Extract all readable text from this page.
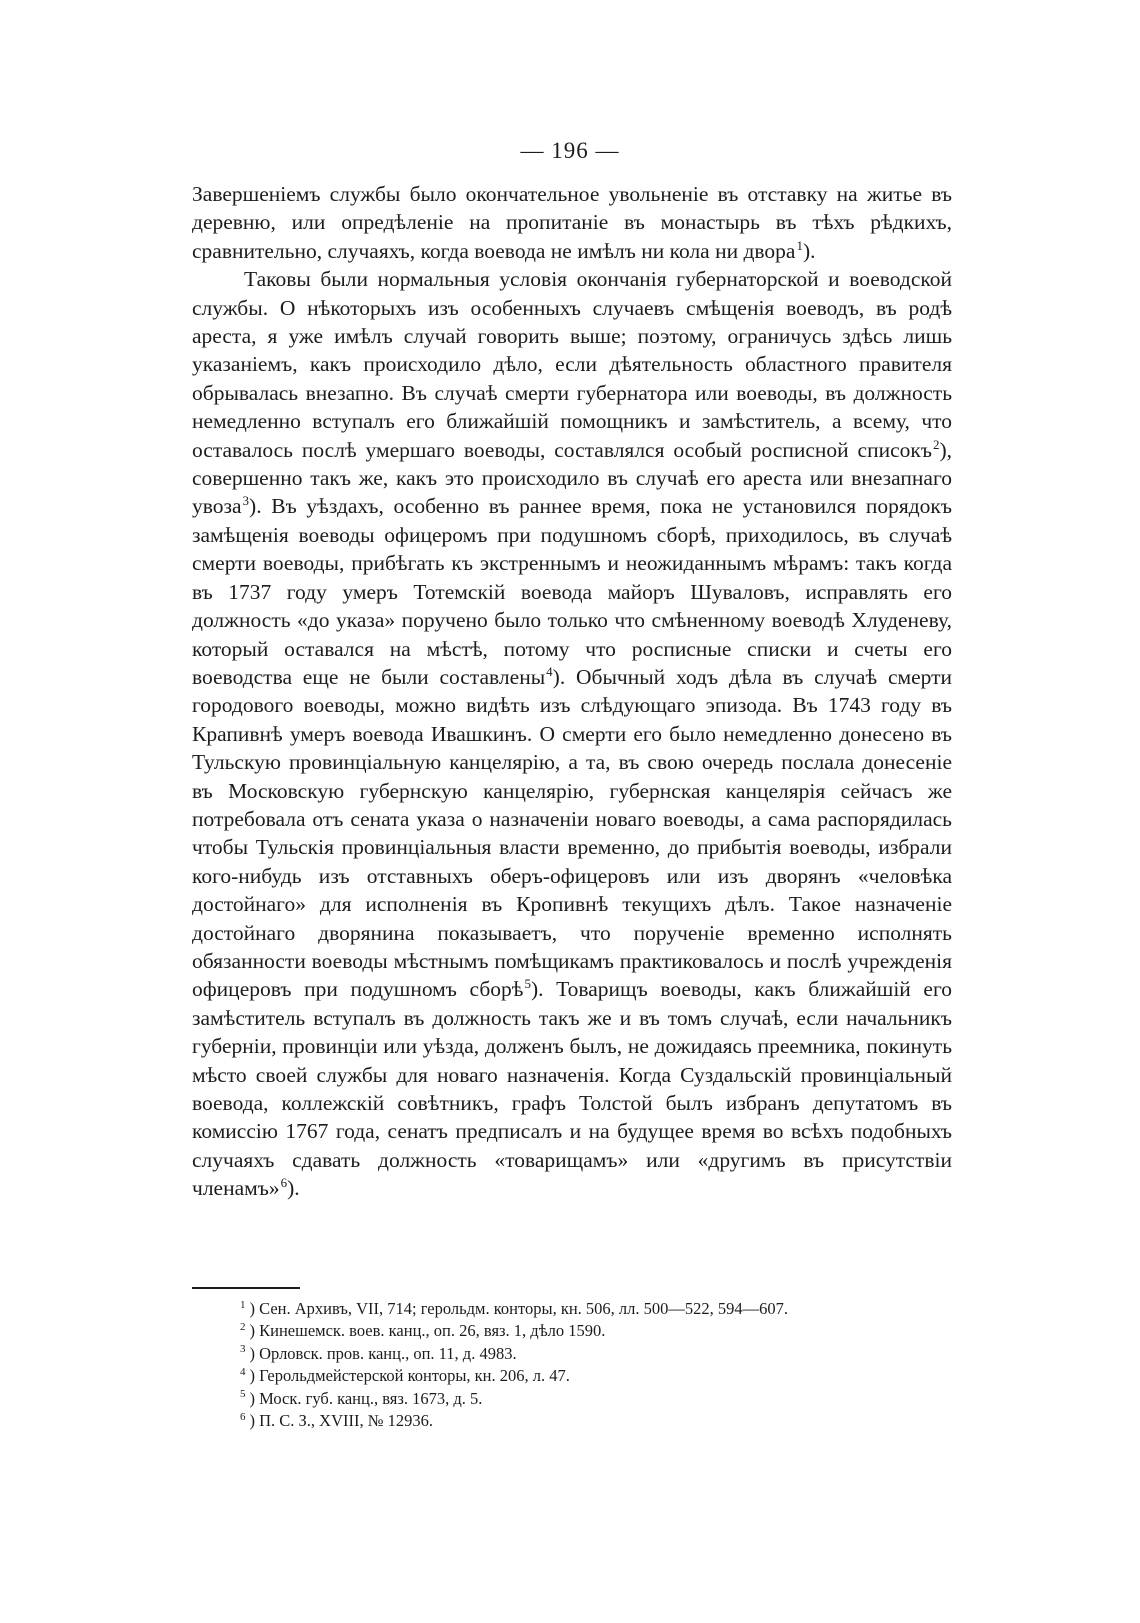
— 196 —

Завершеніемъ службы было окончательное увольненіе въ отставку на житье въ деревню, или опредѣленіе на пропитаніе въ монастырь въ тѣхъ рѣдкихъ, сравнительно, случаяхъ, когда воевода не имѣлъ ни кола ни двора$^1$).

Таковы были нормальныя условія окончанія губернаторской и воеводской службы. О нѣкоторыхъ изъ особенныхъ случаевъ смѣщенія воеводъ, въ родѣ ареста, я уже имѣлъ случай говорить выше; поэтому, ограничусь здѣсь лишь указаніемъ, какъ происходило дѣло, если дѣятельность областного правителя обрывалась внезапно. Въ случаѣ смерти губернатора или воеводы, въ должность немедленно вступалъ его ближайшій помощникъ и замѣститель, а всему, что оставалось послѣ умершаго воеводы, составлялся особый росписной списокъ$^2$), совершенно такъ же, какъ это происходило въ случаѣ его ареста или внезапнаго увоза$^3$). Въ уѣздахъ, особенно въ раннее время, пока не установился порядокъ замѣщенія воеводы офицеромъ при подушномъ сборѣ, приходилось, въ случаѣ смерти воеводы, прибѣгать къ экстреннымъ и неожиданнымъ мѣрамъ: такъ когда въ 1737 году умеръ Тотемскій воевода майоръ Шуваловъ, исправлять его должность «до указа» поручено было только что смѣненному воеводѣ Хлуденеву, который оставался на мѣстѣ, потому что росписные списки и счеты его воеводства еще не были составлены$^4$). Обычный ходъ дѣла въ случаѣ смерти городового воеводы, можно видѣть изъ слѣдующаго эпизода. Въ 1743 году въ Крапивнѣ умеръ воевода Ивашкинъ. О смерти его было немедленно донесено въ Тульскую провинціальную канцелярію, а та, въ свою очередь послала донесеніе въ Московскую губернскую канцелярію, губернская канцелярія сейчасъ же потребовала отъ сената указа о назначеніи новаго воеводы, а сама распорядилась чтобы Тульскія провинціальныя власти временно, до прибытія воеводы, избрали кого-нибудь изъ отставныхъ оберъ-офицеровъ или изъ дворянъ «человѣка достойнаго» для исполненія въ Кропивнѣ текущихъ дѣлъ. Такое назначеніе достойнаго дворянина показываетъ, что порученіе временно исполнять обязанности воеводы мѣстнымъ помѣщикамъ практиковалось и послѣ учрежденія офицеровъ при подушномъ сборѣ$^5$). Товарищъ воеводы, какъ ближайшій его замѣститель вступалъ въ должность такъ же и въ томъ случаѣ, если начальникъ губерніи, провинціи или уѣзда, долженъ былъ, не дожидаясь преемника, покинуть мѣсто своей службы для новаго назначенія. Когда Суздальскій провинціальный воевода, коллежскій совѣтникъ, графъ Толстой былъ избранъ депутатомъ въ комиссію 1767 года, сенатъ предписалъ и на будущее время во всѣхъ подобныхъ случаяхъ сдавать должность «товарищамъ» или «другимъ въ присутствіи членамъ»$^6$).

$^1$ ) Сен. Архивъ, VII, 714; герольдм. конторы, кн. 506, лл. 500—522, 594—607.
$^2$ ) Кинешемск. воев. канц., оп. 26, вяз. 1, дѣло 1590.
$^3$ ) Орловск. пров. канц., оп. 11, д. 4983.
$^4$ ) Герольдмейстерской конторы, кн. 206, л. 47.
$^5$ ) Моск. губ. канц., вяз. 1673, д. 5.
$^6$ ) П. С. З., XVIII, № 12936.
